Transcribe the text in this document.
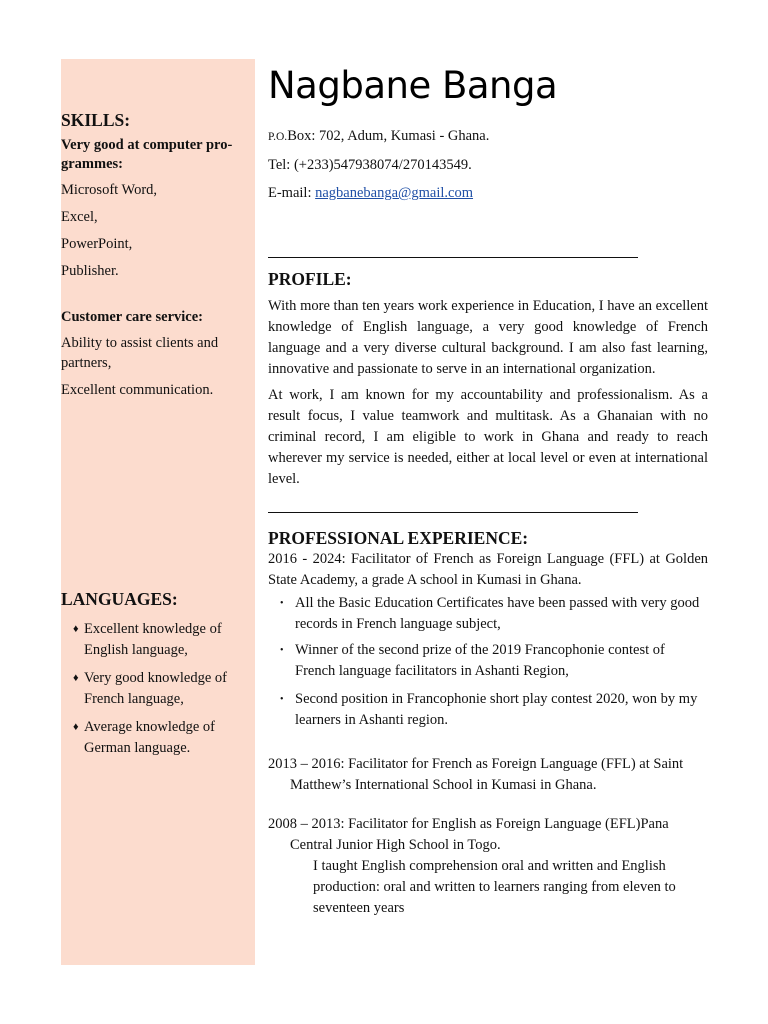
SKILLS:
Very good at computer pro-grammes:
Microsoft Word,
Excel,
PowerPoint,
Publisher.
Customer care service:
Ability to assist clients and partners,
Excellent communication.
LANGUAGES:
♦ Excellent knowledge of English language,
♦ Very good knowledge of French language,
♦ Average knowledge of German language.
Nagbane Banga
P.O.Box: 702, Adum, Kumasi - Ghana.
Tel: (+233)547938074/270143549.
E-mail: nagbanebanga@gmail.com
PROFILE:

With more than ten years work experience in Education, I have an excellent knowledge of English language, a very good knowledge of French language and a very diverse cultural background. I am also fast learning, innovative and passionate to serve in an international organization.

At work, I am known for my accountability and professionalism. As a result focus, I value teamwork and multitask. As a Ghanaian with no criminal record, I am eligible to work in Ghana and ready to reach wherever my service is needed, either at local level or even at international level.

PROFESSIONAL EXPERIENCE:

2016 - 2024: Facilitator of French as Foreign Language (FFL) at Golden State Academy, a grade A school in Kumasi in Ghana.

• All the Basic Education Certificates have been passed with very good records in French language subject,
• Winner of the second prize of the 2019 Francophonie contest of French language facilitators in Ashanti Region,
• Second position in Francophonie short play contest 2020, won by my learners in Ashanti region.

2013 – 2016: Facilitator for French as Foreign Language (FFL) at Saint Matthew’s International School in Kumasi in Ghana.

2008 – 2013: Facilitator for English as Foreign Language (EFL)Pana Central Junior High School in Togo.

I taught English comprehension oral and written and English production: oral and written to learners ranging from eleven to seventeen years
